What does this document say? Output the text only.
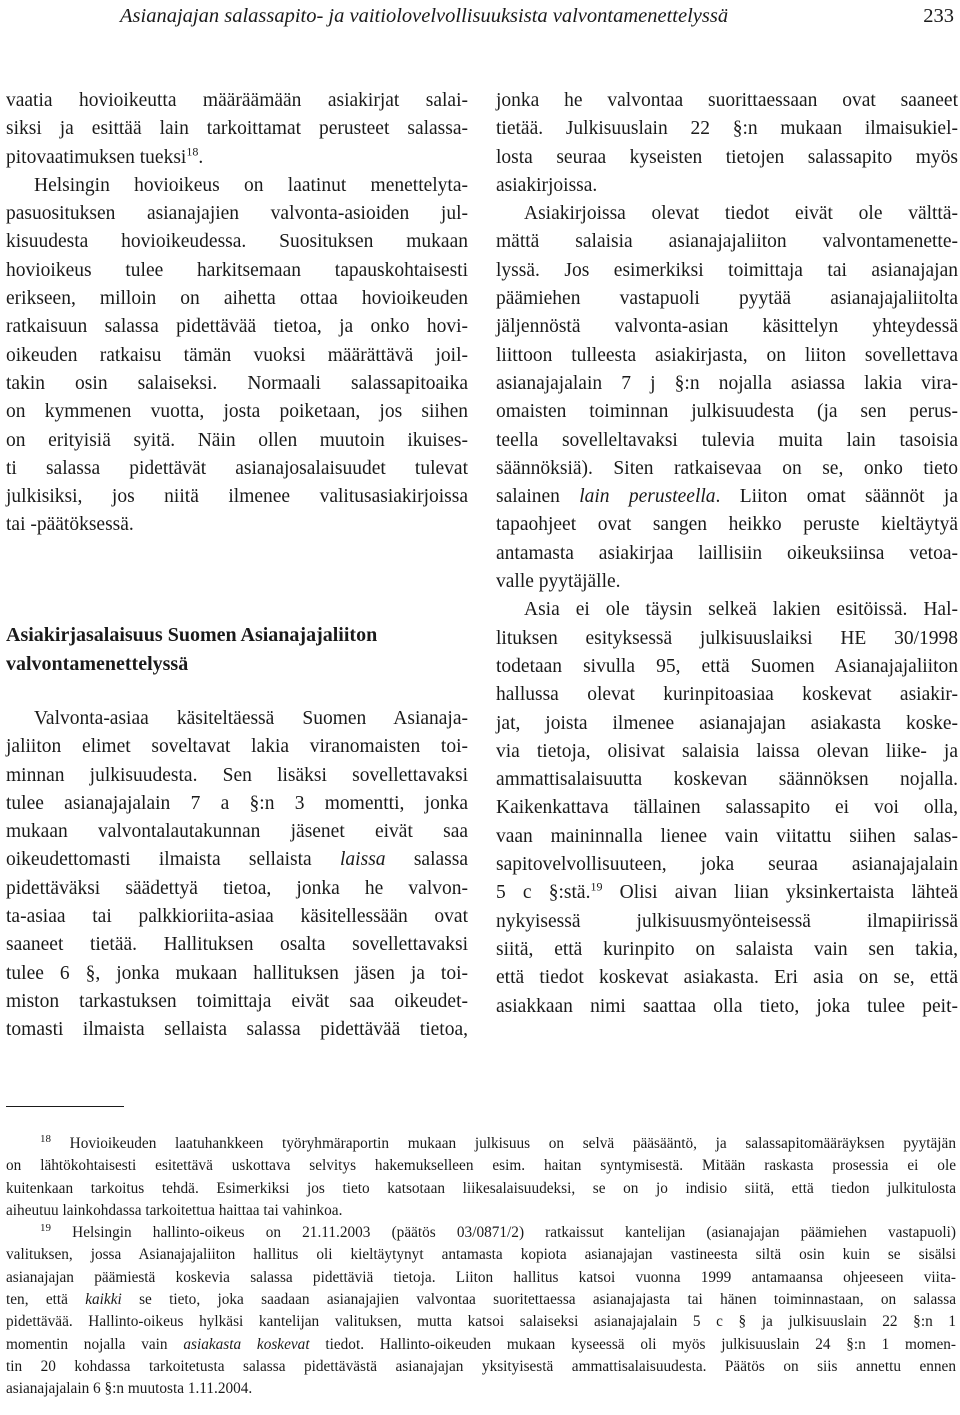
Asianajajan salassapito- ja vaitiolovelvollisuuksista valvontamenettelyssä	233
vaatia hovioikeutta määräämään asiakirjat salai-
siksi ja esittää lain tarkoittamat perusteet salassa-
pitovaatimuksen tueksi$^{18}$.
Helsingin hovioikeus on laatinut menettelyta-
pasuosituksen asianajajien valvonta-asioiden jul-
kisuudesta hovioikeudessa. Suosituksen mukaan
hovioikeus tulee harkitsemaan tapauskohtaisesti
erikseen, milloin on aihetta ottaa hovioikeuden
ratkaisuun salassa pidettävää tietoa, ja onko hovi-
oikeuden ratkaisu tämän vuoksi määrättävä joil-
takin osin salaiseksi. Normaali salassapitoaika
on kymmenen vuotta, josta poiketaan, jos siihen
on erityisiä syitä. Näin ollen muutoin ikuises-
ti salassa pidettävät asianajosalaisuudet tulevat
julkisiksi, jos niitä ilmenee valitusasiakirjoissa
tai -päätöksessä.
Asiakirjasalaisuus Suomen Asianajajaliiton
valvontamenettelyssä
Valvonta-asiaa käsiteltäessä Suomen Asianaja-
jaliiton elimet soveltavat lakia viranomaisten toi-
minnan julkisuudesta. Sen lisäksi sovellettavaksi
tulee asianajajalain 7 a §:n 3 momentti, jonka
mukaan valvontalautakunnan jäsenet eivät saa
oikeudettomasti ilmaista sellaista laissa salassa
pidettäväksi säädettyä tietoa, jonka he valvon-
ta-asiaa tai palkkioriita-asiaa käsitellessään ovat
saaneet tietää. Hallituksen osalta sovellettavaksi
tulee 6 §, jonka mukaan hallituksen jäsen ja toi-
miston tarkastuksen toimittaja eivät saa oikeudet-
tomasti ilmaista sellaista salassa pidettävää tietoa,
jonka he valvontaa suorittaessaan ovat saaneet
tietää. Julkisuuslain 22 §:n mukaan ilmaisukiel-
losta seuraa kyseisten tietojen salassapito myös
asiakirjoissa.
Asiakirjoissa olevat tiedot eivät ole välttä-
mättä salaisia asianajajaliiton valvontamenette-
lyssä. Jos esimerkiksi toimittaja tai asianajajan
päämiehen vastapuoli pyytää asianajajaliitolta
jäljennöstä valvonta-asian käsittelyn yhteydessä
liittoon tulleesta asiakirjasta, on liiton sovellettava
asianajajalain 7 j §:n nojalla asiassa lakia vira-
omaisten toiminnan julkisuudesta (ja sen perus-
teella sovelleltavaksi tulevia muita lain tasoisia
säännöksiä). Siten ratkaisevaa on se, onko tieto
salainen lain perusteella. Liiton omat säännöt ja
tapaohjeet ovat sangen heikko peruste kieltäytyä
antamasta asiakirjaa laillisiin oikeuksiinsa vetoa-
valle pyytäjälle.
Asia ei ole täysin selkeä lakien esitöissä. Hal-
lituksen esityksessä julkisuuslaiksi HE 30/1998
todetaan sivulla 95, että Suomen Asianajajaliiton
hallussa olevat kurinpitoasiaa koskevat asiakir-
jat, joista ilmenee asianajajan asiakasta koske-
via tietoja, olisivat salaisia laissa olevan liike- ja
ammattisalaisuutta koskevan säännöksen nojalla.
Kaikenkattava tällainen salassapito ei voi olla,
vaan maininnalla lienee vain viitattu siihen salas-
sapitovelvollisuuteen, joka seuraa asianajajalain
5 c §:stä.$^{19}$ Olisi aivan liian yksinkertaista lähteä
nykyisessä julkisuusmyönteisessä ilmapiirissä
siitä, että kurinpito on salaista vain sen takia,
että tiedot koskevat asiakasta. Eri asia on se, että
asiakkaan nimi saattaa olla tieto, joka tulee peit-
$^{18}$ Hovioikeuden laatuhankkeen työryhmäraportin mukaan julkisuus on selvä pääsääntö, ja salassapitomääräyksen pyytäjän
on lähtökohtaisesti esitettävä uskottava selvitys hakemukselleen esim. haitan syntymisestä. Mitään raskasta prosessia ei ole
kuitenkaan tarkoitus tehdä. Esimerkiksi jos tieto katsotaan liikesalaisuudeksi, se on jo indisio siitä, että tiedon julkitulosta
aiheutuu lainkohdassa tarkoitettua haittaa tai vahinkoa.
$^{19}$ Helsingin hallinto-oikeus on 21.11.2003 (päätös 03/0871/2) ratkaissut kantelijan (asianajajan päämiehen vastapuoli)
valituksen, jossa Asianajajaliiton hallitus oli kieltäytynyt antamasta kopiota asianajajan vastineesta siltä osin kuin se sisälsi
asianajajan päämiestä koskevia salassa pidettäviä tietoja. Liiton hallitus katsoi vuonna 1999 antamaansa ohjeeseen viita-
ten, että kaikki se tieto, joka saadaan asianajajien valvontaa suoritettaessa asianajajasta tai hänen toiminnastaan, on salassa
pidettävää. Hallinto-oikeus hylkäsi kantelijan valituksen, mutta katsoi salaiseksi asianajajalain 5 c § ja julkisuuslain 22 §:n 1
momentin nojalla vain asiakasta koskevat tiedot. Hallinto-oikeuden mukaan kyseessä oli myös julkisuuslain 24 §:n 1 momen-
tin 20 kohdassa tarkoitetusta salassa pidettävästä asianajajan yksityisestä ammattisalaisuudesta. Päätös on siis annettu ennen
asianajajalain 6 §:n muutosta 1.11.2004.
